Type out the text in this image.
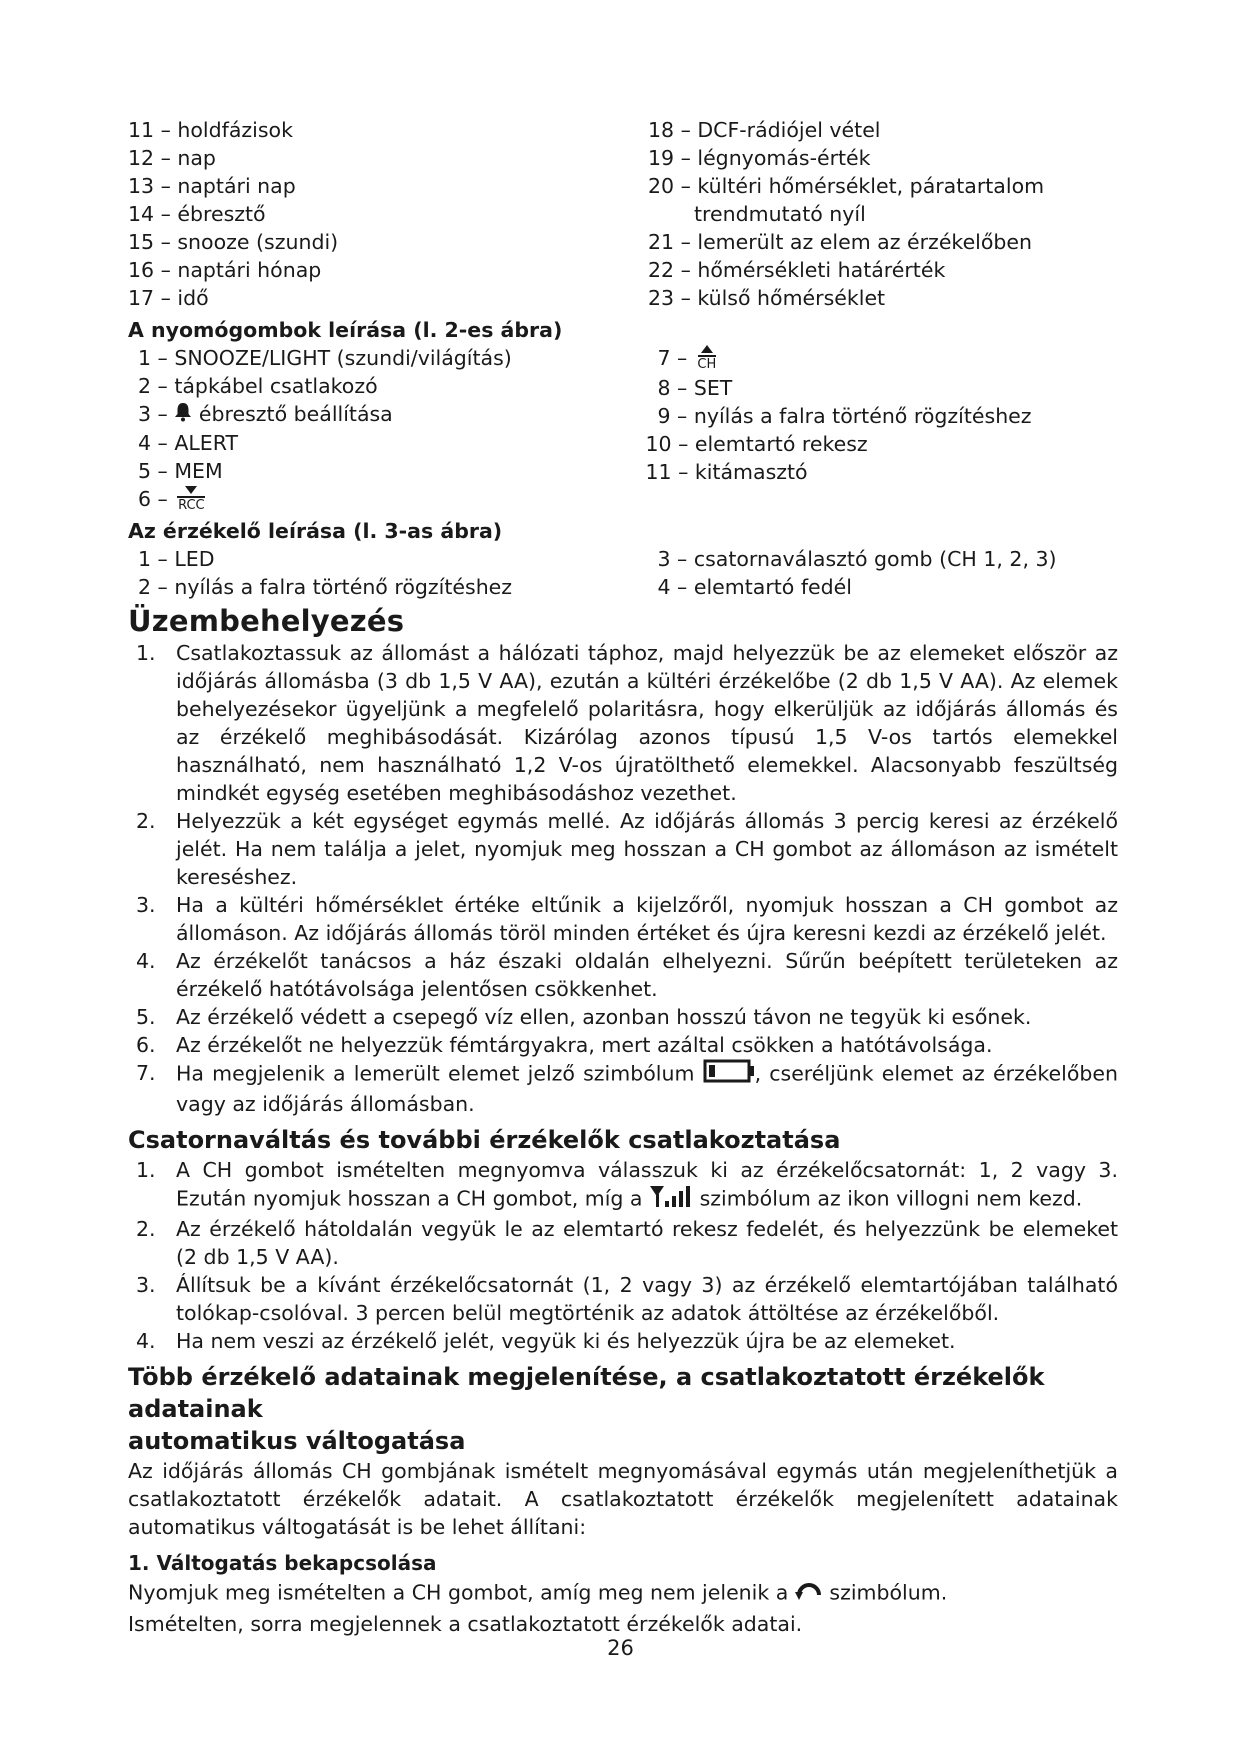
11 – holdfázisok
12 – nap
13 – naptári nap
14 – ébresztő
15 – snooze (szundi)
16 – naptári hónap
17 – idő
18 – DCF-rádiójel vétel
19 – légnyomás-érték
20 – kültéri hőmérséklet, páratartalom
trendmutató nyíl
21 – lemerült az elem az érzékelőben
22 – hőmérsékleti határérték
23 – külső hőmérséklet
A nyomógombok leírása (l. 2-es ábra)
1 – SNOOZE/LIGHT (szundi/világítás)
2 – tápkábel csatlakozó
3 – ébresztő beállítása
4 – ALERT
5 – MEM
6 – RCC
7 – CH
8 – SET
9 – nyílás a falra történő rögzítéshez
10 – elemtartó rekesz
11 – kitámasztó
Az érzékelő leírása (l. 3-as ábra)
1 – LED
2 – nyílás a falra történő rögzítéshez
3 – csatornaválasztó gomb (CH 1, 2, 3)
4 – elemtartó fedél
Üzembehelyezés
1. Csatlakoztassuk az állomást a hálózati táphoz, majd helyezzük be az elemeket először az időjárás állomásba (3 db 1,5 V AA), ezután a kültéri érzékelőbe (2 db 1,5 V AA). Az elemek behelyezésekor ügyeljünk a megfelelő polaritásra, hogy elkerüljük az időjárás állomás és az érzékelő meghibásodását. Kizárólag azonos típusú 1,5 V-os tartós elemekkel használható, nem használható 1,2 V-os újratölthető elemekkel. Alacsonyabb feszültség mindkét egység esetében meghibásodáshoz vezethet.
2. Helyezzük a két egységet egymás mellé. Az időjárás állomás 3 percig keresi az érzékelő jelét. Ha nem találja a jelet, nyomjuk meg hosszan a CH gombot az állomáson az ismételt kereséshez.
3. Ha a kültéri hőmérséklet értéke eltűnik a kijelzőről, nyomjuk hosszan a CH gombot az állomáson. Az időjárás állomás töröl minden értéket és újra keresni kezdi az érzékelő jelét.
4. Az érzékelőt tanácsos a ház északi oldalán elhelyezni. Sűrűn beépített területeken az érzékelő hatótávolsága jelentősen csökkenhet.
5. Az érzékelő védett a csepegő víz ellen, azonban hosszú távon ne tegyük ki esőnek.
6. Az érzékelőt ne helyezzük fémtárgyakra, mert azáltal csökken a hatótávolsága.
7. Ha megjelenik a lemerült elemet jelző szimbólum	, cseréljünk elemet az érzékelőben vagy az időjárás állomásban.
Csatornaváltás és további érzékelők csatlakoztatása
1. A CH gombot ismételten megnyomva válasszuk ki az érzékelőcsatornát: 1, 2 vagy 3. Ezután nyomjuk hosszan a CH gombot, míg a	szimbólum az ikon villogni nem kezd.
2. Az érzékelő hátoldalán vegyük le az elemtartó rekesz fedelét, és helyezzünk be elemeket (2 db 1,5 V AA).
3. Állítsuk be a kívánt érzékelőcsatornát (1, 2 vagy 3) az érzékelő elemtartójában található tolókap-csolóval. 3 percen belül megtörténik az adatok áttöltése az érzékelőből.
4. Ha nem veszi az érzékelő jelét, vegyük ki és helyezzük újra be az elemeket.
Több érzékelő adatainak megjelenítése, a csatlakoztatott érzékelők adatainak
automatikus váltogatása
Az időjárás állomás CH gombjának ismételt megnyomásával egymás után megjeleníthetjük a csatlakoztatott érzékelők adatait. A csatlakoztatott érzékelők megjelenített adatainak automatikus váltogatását is be lehet állítani:
1. Váltogatás bekapcsolása
Nyomjuk meg ismételten a CH gombot, amíg meg nem jelenik a szimbólum.
Ismételten, sorra megjelennek a csatlakoztatott érzékelők adatai.
26
